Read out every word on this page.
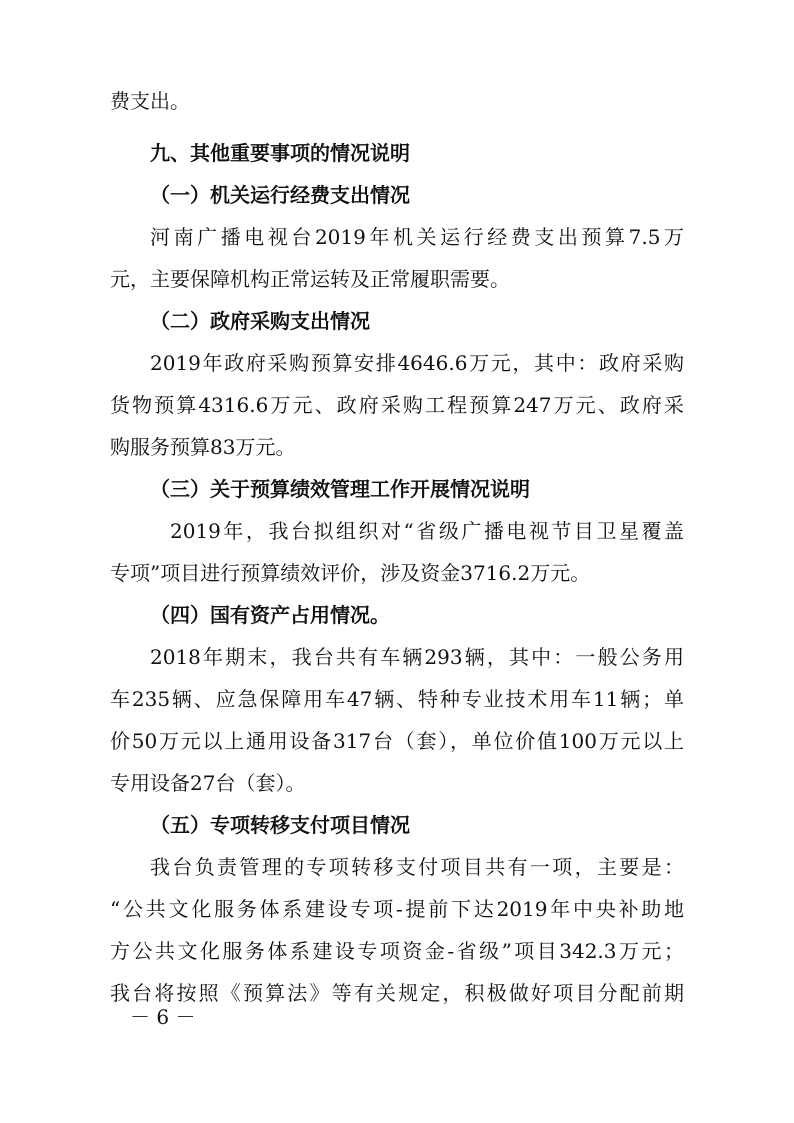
费支出。
九、其他重要事项的情况说明
（一）机关运行经费支出情况
河南广播电视台2019年机关运行经费支出预算7.5万
元，主要保障机构正常运转及正常履职需要。
（二）政府采购支出情况
2019年政府采购预算安排4646.6万元，其中：政府采购
货物预算4316.6万元、政府采购工程预算247万元、政府采
购服务预算83万元。
（三）关于预算绩效管理工作开展情况说明
2019年，我台拟组织对“省级广播电视节目卫星覆盖
专项”项目进行预算绩效评价，涉及资金3716.2万元。
（四）国有资产占用情况。
2018年期末，我台共有车辆293辆，其中：一般公务用
车235辆、应急保障用车47辆、特种专业技术用车11辆；单
价50万元以上通用设备317台（套），单位价值100万元以上
专用设备27台（套）。
（五）专项转移支付项目情况
我台负责管理的专项转移支付项目共有一项，主要是：
“公共文化服务体系建设专项-提前下达2019年中央补助地
方公共文化服务体系建设专项资金-省级”项目342.3万元；
我台将按照《预算法》等有关规定，积极做好项目分配前期
－ 6 －
